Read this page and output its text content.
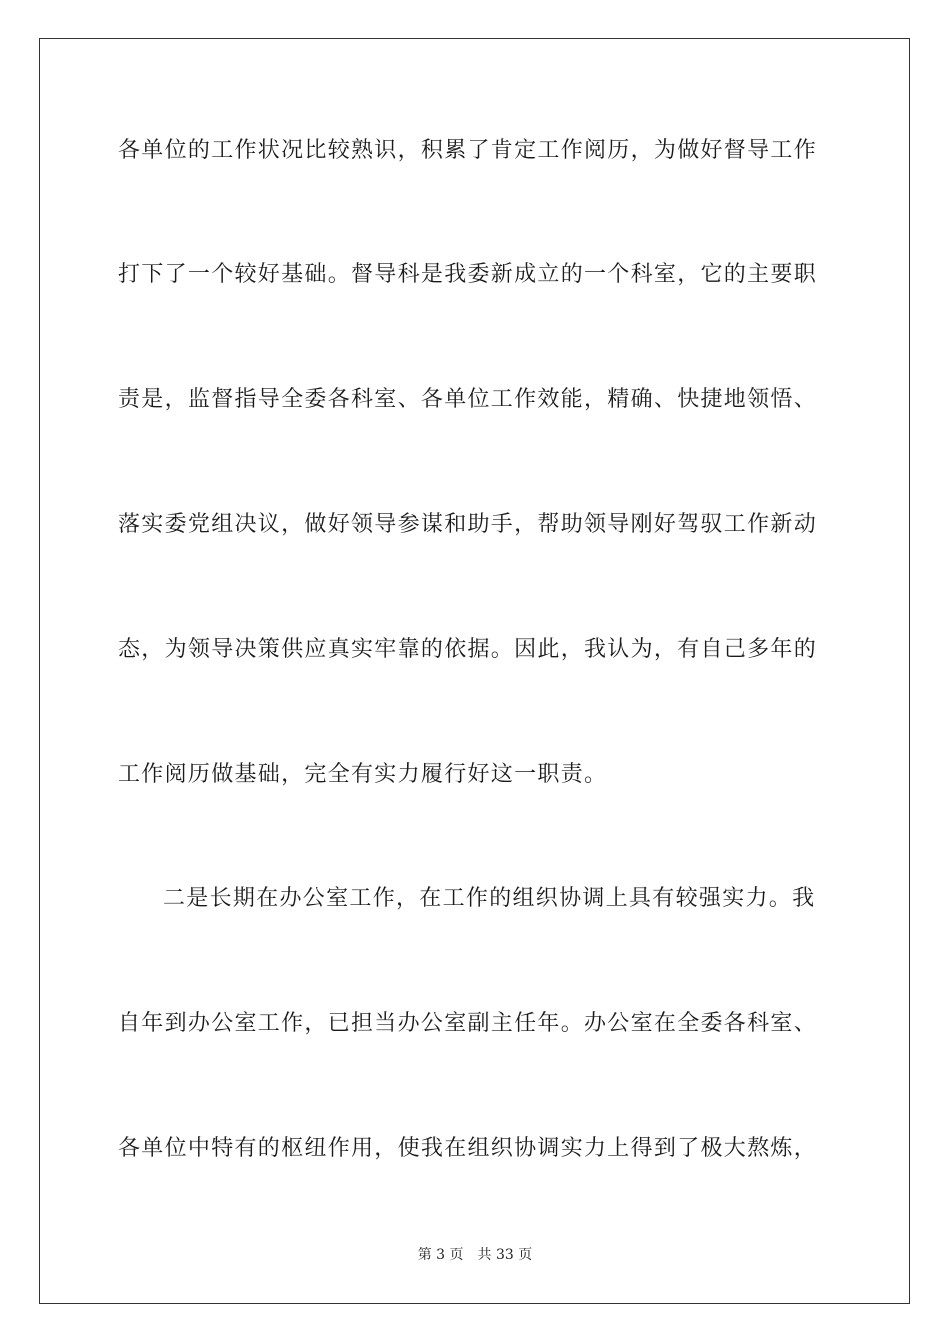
各单位的工作状况比较熟识，积累了肯定工作阅历，为做好督导工作
打下了一个较好基础。督导科是我委新成立的一个科室，它的主要职
责是，监督指导全委各科室、各单位工作效能，精确、快捷地领悟、
落实委党组决议，做好领导参谋和助手，帮助领导刚好驾驭工作新动
态，为领导决策供应真实牢靠的依据。因此，我认为，有自己多年的
工作阅历做基础，完全有实力履行好这一职责。
二是长期在办公室工作，在工作的组织协调上具有较强实力。我
自年到办公室工作，已担当办公室副主任年。办公室在全委各科室、
各单位中特有的枢纽作用，使我在组织协调实力上得到了极大熬炼，
第 3 页 共 33 页
